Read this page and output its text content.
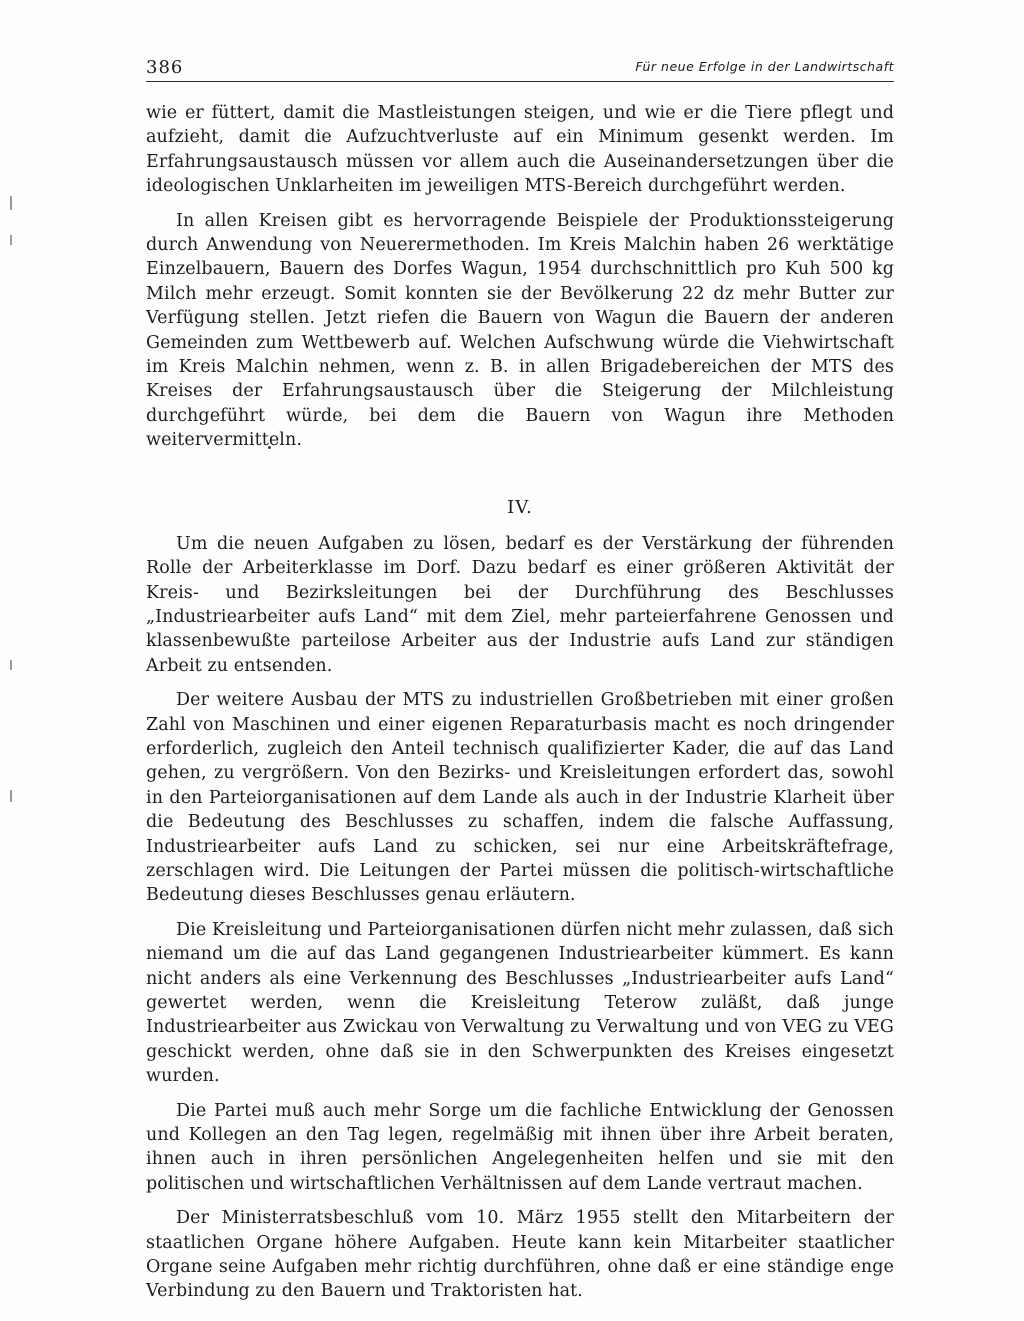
386	Für neue Erfolge in der Landwirtschaft

wie er füttert, damit die Mastleistungen steigen, und wie er die Tiere pflegt und aufzieht, damit die Aufzuchtverluste auf ein Minimum gesenkt werden. Im Erfahrungsaustausch müssen vor allem auch die Auseinandersetzungen über die ideologischen Unklarheiten im jeweiligen MTS-Bereich durchgeführt werden.

In allen Kreisen gibt es hervorragende Beispiele der Produktionssteigerung durch Anwendung von Neuerermethoden. Im Kreis Malchin haben 26 werktätige Einzelbauern, Bauern des Dorfes Wagun, 1954 durchschnittlich pro Kuh 500 kg Milch mehr erzeugt. Somit konnten sie der Bevölkerung 22 dz mehr Butter zur Verfügung stellen. Jetzt riefen die Bauern von Wagun die Bauern der anderen Gemeinden zum Wettbewerb auf. Welchen Aufschwung würde die Viehwirtschaft im Kreis Malchin nehmen, wenn z. B. in allen Brigadebereichen der MTS des Kreises der Erfahrungsaustausch über die Steigerung der Milchleistung durchgeführt würde, bei dem die Bauern von Wagun ihre Methoden weitervermitteln.

IV.

Um die neuen Aufgaben zu lösen, bedarf es der Verstärkung der führenden Rolle der Arbeiterklasse im Dorf. Dazu bedarf es einer größeren Aktivität der Kreis- und Bezirksleitungen bei der Durchführung des Beschlusses „Industriearbeiter aufs Land“ mit dem Ziel, mehr parteierfahrene Genossen und klassenbewußte parteilose Arbeiter aus der Industrie aufs Land zur ständigen Arbeit zu entsenden.

Der weitere Ausbau der MTS zu industriellen Großbetrieben mit einer großen Zahl von Maschinen und einer eigenen Reparaturbasis macht es noch dringender erforderlich, zugleich den Anteil technisch qualifizierter Kader, die auf das Land gehen, zu vergrößern. Von den Bezirks- und Kreisleitungen erfordert das, sowohl in den Parteiorganisationen auf dem Lande als auch in der Industrie Klarheit über die Bedeutung des Beschlusses zu schaffen, indem die falsche Auffassung, Industriearbeiter aufs Land zu schicken, sei nur eine Arbeitskräftefrage, zerschlagen wird. Die Leitungen der Partei müssen die politisch-wirtschaftliche Bedeutung dieses Beschlusses genau erläutern.

Die Kreisleitung und Parteiorganisationen dürfen nicht mehr zulassen, daß sich niemand um die auf das Land gegangenen Industriearbeiter kümmert. Es kann nicht anders als eine Verkennung des Beschlusses „Industriearbeiter aufs Land“ gewertet werden, wenn die Kreisleitung Teterow zuläßt, daß junge Industriearbeiter aus Zwickau von Verwaltung zu Verwaltung und von VEG zu VEG geschickt werden, ohne daß sie in den Schwerpunkten des Kreises eingesetzt wurden.

Die Partei muß auch mehr Sorge um die fachliche Entwicklung der Genossen und Kollegen an den Tag legen, regelmäßig mit ihnen über ihre Arbeit beraten, ihnen auch in ihren persönlichen Angelegenheiten helfen und sie mit den politischen und wirtschaftlichen Verhältnissen auf dem Lande vertraut machen.

Der Ministerratsbeschluß vom 10. März 1955 stellt den Mitarbeitern der staatlichen Organe höhere Aufgaben. Heute kann kein Mitarbeiter staatlicher Organe seine Aufgaben mehr richtig durchführen, ohne daß er eine ständige enge Verbindung zu den Bauern und Traktoristen hat.
